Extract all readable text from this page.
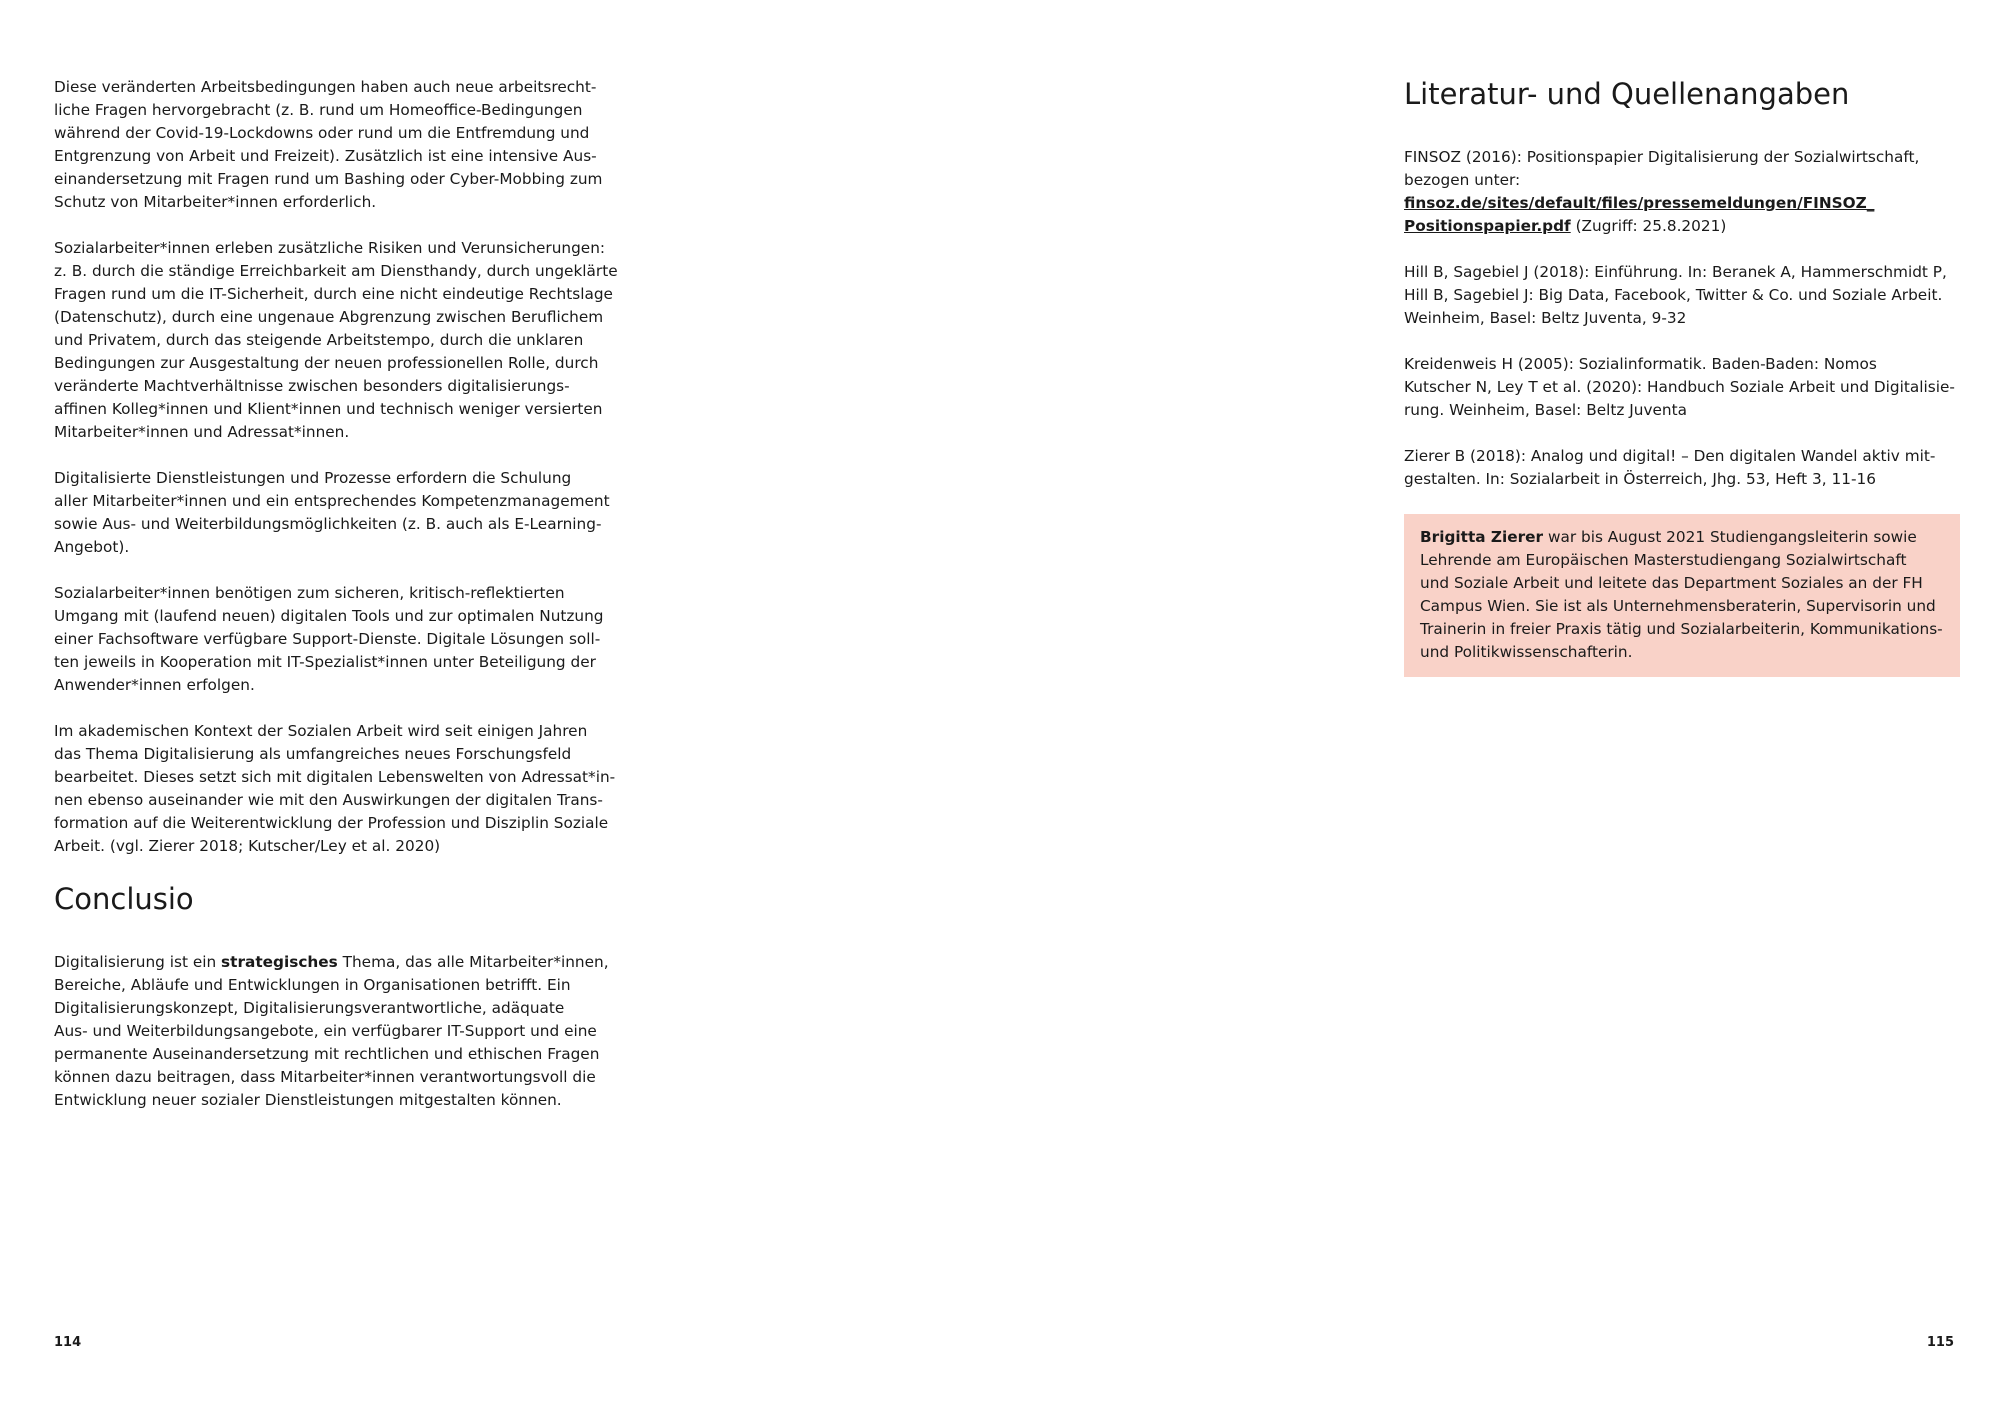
Diese veränderten Arbeitsbedingungen haben auch neue arbeitsrecht-
liche Fragen hervorgebracht (z. B. rund um Homeoffice-Bedingungen
während der Covid-19-Lockdowns oder rund um die Entfremdung und
Entgrenzung von Arbeit und Freizeit). Zusätzlich ist eine intensive Aus-
einandersetzung mit Fragen rund um Bashing oder Cyber-Mobbing zum
Schutz von Mitarbeiter*innen erforderlich.

Sozialarbeiter*innen erleben zusätzliche Risiken und Verunsicherungen:
z. B. durch die ständige Erreichbarkeit am Diensthandy, durch ungeklärte
Fragen rund um die IT-Sicherheit, durch eine nicht eindeutige Rechtslage
(Datenschutz), durch eine ungenaue Abgrenzung zwischen Beruflichem
und Privatem, durch das steigende Arbeitstempo, durch die unklaren
Bedingungen zur Ausgestaltung der neuen professionellen Rolle, durch
veränderte Machtverhältnisse zwischen besonders digitalisierungs-
affinen Kolleg*innen und Klient*innen und technisch weniger versierten
Mitarbeiter*innen und Adressat*innen.

Digitalisierte Dienstleistungen und Prozesse erfordern die Schulung
aller Mitarbeiter*innen und ein entsprechendes Kompetenzmanagement
sowie Aus- und Weiterbildungsmöglichkeiten (z. B. auch als E-Learning-
Angebot).

Sozialarbeiter*innen benötigen zum sicheren, kritisch-reflektierten
Umgang mit (laufend neuen) digitalen Tools und zur optimalen Nutzung
einer Fachsoftware verfügbare Support-Dienste. Digitale Lösungen soll-
ten jeweils in Kooperation mit IT-Spezialist*innen unter Beteiligung der
Anwender*innen erfolgen.

Im akademischen Kontext der Sozialen Arbeit wird seit einigen Jahren
das Thema Digitalisierung als umfangreiches neues Forschungsfeld
bearbeitet. Dieses setzt sich mit digitalen Lebenswelten von Adressat*in-
nen ebenso auseinander wie mit den Auswirkungen der digitalen Trans-
formation auf die Weiterentwicklung der Profession und Disziplin Soziale
Arbeit. (vgl. Zierer 2018; Kutscher/Ley et al. 2020)

Conclusio

Digitalisierung ist ein strategisches Thema, das alle Mitarbeiter*innen,
Bereiche, Abläufe und Entwicklungen in Organisationen betrifft. Ein
Digitalisierungskonzept, Digitalisierungsverantwortliche, adäquate
Aus- und Weiterbildungsangebote, ein verfügbarer IT-Support und eine
permanente Auseinandersetzung mit rechtlichen und ethischen Fragen
können dazu beitragen, dass Mitarbeiter*innen verantwortungsvoll die
Entwicklung neuer sozialer Dienstleistungen mitgestalten können.

114
Literatur- und Quellenangaben

FINSOZ (2016): Positionspapier Digitalisierung der Sozialwirtschaft,
bezogen unter: finsoz.de/sites/default/files/pressemeldungen/FINSOZ_
Positionspapier.pdf (Zugriff: 25.8.2021)

Hill B, Sagebiel J (2018): Einführung. In: Beranek A, Hammerschmidt P,
Hill B, Sagebiel J: Big Data, Facebook, Twitter & Co. und Soziale Arbeit.
Weinheim, Basel: Beltz Juventa, 9-32

Kreidenweis H (2005): Sozialinformatik. Baden-Baden: Nomos
Kutscher N, Ley T et al. (2020): Handbuch Soziale Arbeit und Digitalisie-
rung. Weinheim, Basel: Beltz Juventa

Zierer B (2018): Analog und digital! – Den digitalen Wandel aktiv mit-
gestalten. In: Sozialarbeit in Österreich, Jhg. 53, Heft 3, 11-16

Brigitta Zierer war bis August 2021 Studiengangsleiterin sowie
Lehrende am Europäischen Masterstudiengang Sozialwirtschaft
und Soziale Arbeit und leitete das Department Soziales an der FH
Campus Wien. Sie ist als Unternehmensberaterin, Supervisorin und
Trainerin in freier Praxis tätig und Sozialarbeiterin, Kommunikations-
und Politikwissenschafterin.

115
